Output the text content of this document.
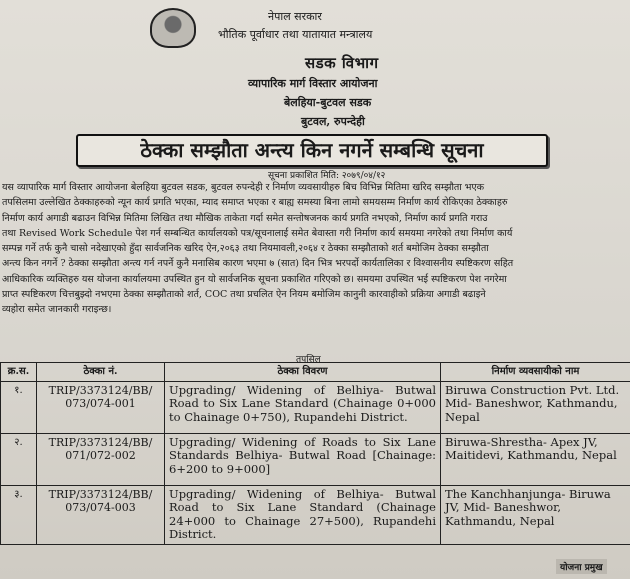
नेपाल सरकार
भौतिक पूर्वाधार तथा यातायात मन्त्रालय
सडक विभाग
व्यापारिक मार्ग विस्तार आयोजना
बेलहिया-बुटवल सडक
बुटवल, रुपन्देही
ठेक्का सम्झौता अन्त्य किन नगर्ने सम्बन्धि सूचना
सूचना प्रकाशित मिति: २०७९/०४/१२
यस व्यापारिक मार्ग विस्तार आयोजना बेलहिया बुटवल सडक, बुटवल रुपन्देही र निर्माण व्यवसायीहरु बिच विभिन्न मितिमा खरिद सम्झौता भएक
तपसिलमा उल्लेखित ठेक्काहरुको न्यून कार्य प्रगति भएका, म्याद समाप्त भएका र बाह्य समस्या बिना लामो समयसम्म निर्माण कार्य रोकिएका ठेक्काहरु
निर्माण कार्य अगाडी बढाउन विभिन्न मितिमा लिखित तथा मौखिक ताकेता गर्दा समेत सन्तोषजनक कार्य प्रगति नभएको, निर्माण कार्य प्रगति गराउ
तथा Revised Work Schedule पेश गर्न सम्बन्धित कार्यालयको पत्र/सूचनालाई समेत बेवास्ता गरी निर्माण कार्य समयमा नगरेको तथा निर्माण कार्य
सम्पन्न गर्ने तर्फ कुनै चासो नदेखाएको हुँदा सार्वजनिक खरिद ऐन,२०६३ तथा नियमावली,२०६४ र ठेक्का सम्झौताको शर्त बमोजिम ठेक्का सम्झौता
अन्त्य किन नगर्ने ? ठेक्का सम्झौता अन्त्य गर्न नपर्ने कुनै मनासिब कारण भएमा ७ (सात) दिन भित्र भरपर्दो कार्यतालिका र विश्वासनीय स्पष्टिकरण सहित
आधिकारिक व्यक्तिहरु यस योजना कार्यालयमा उपस्थित हुन यो सार्वजनिक सूचना प्रकाशित गरिएको छ। समयमा उपस्थित भई स्पष्टिकरण पेश नगरेमा
प्राप्त स्पष्टिकरण चित्तबुझ्दो नभएमा ठेक्का सम्झौताको शर्त, COC तथा प्रचलित ऐन नियम बमोजिम कानुनी कारवाहीको प्रक्रिया अगाडी बढाइने
व्यहोरा समेत जानकारी गराइन्छ।
तपसिल
क्र.स.	ठेक्का नं.	ठेक्का विवरण	निर्माण व्यवसायीको नाम
१.	TRIP/3373124/BB/ 073/074-001	Upgrading/ Widening of Belhiya- Butwal Road to Six Lane Standard (Chainage 0+000 to Chainage 0+750), Rupandehi District.	Biruwa Construction Pvt. Ltd. Mid- Baneshwor, Kathmandu, Nepal
२.	TRIP/3373124/BB/ 071/072-002	Upgrading/ Widening of Roads to Six Lane Standards Belhiya- Butwal Road [Chainage: 6+200 to 9+000]	Biruwa-Shrestha- Apex JV, Maitidevi, Kathmandu, Nepal
३.	TRIP/3373124/BB/ 073/074-003	Upgrading/ Widening of Belhiya- Butwal Road to Six Lane Standard (Chainage 24+000 to Chainage 27+500), Rupandehi District.	The Kanchhanjunga- Biruwa JV, Mid- Baneshwor, Kathmandu, Nepal
योजना प्रमुख
